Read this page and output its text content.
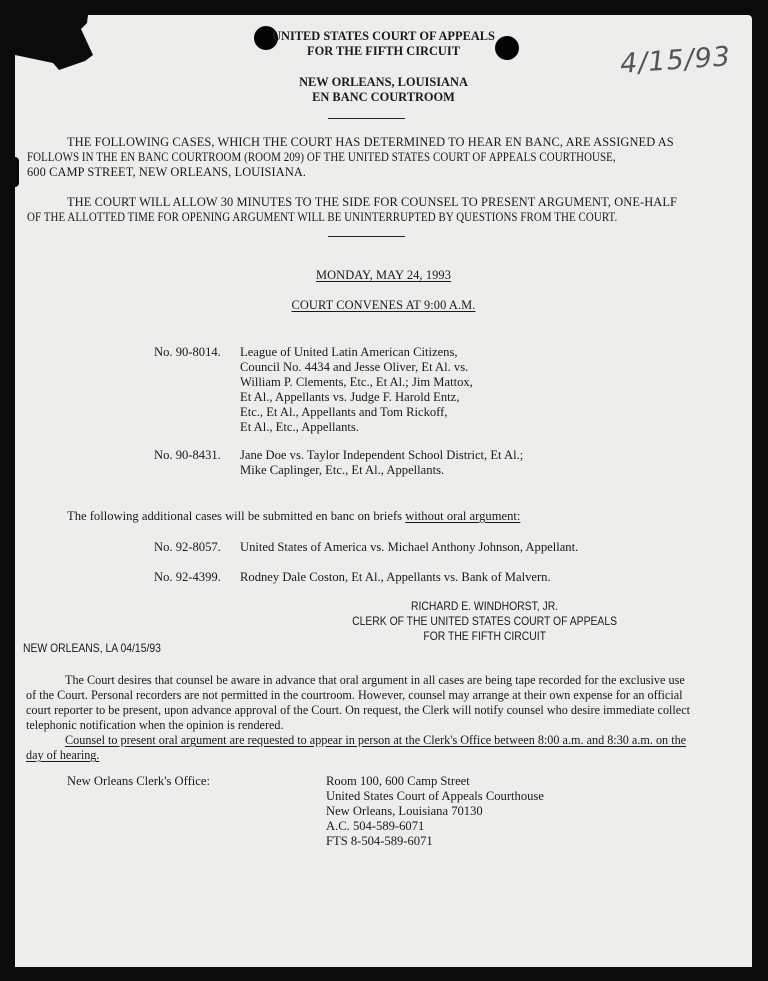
UNITED STATES COURT OF APPEALS
FOR THE FIFTH CIRCUIT
NEW ORLEANS, LOUISIANA
EN BANC COURTROOM
4/15/93
THE FOLLOWING CASES, WHICH THE COURT HAS DETERMINED TO HEAR EN BANC, ARE ASSIGNED AS
FOLLOWS IN THE EN BANC COURTROOM (ROOM 209) OF THE UNITED STATES COURT OF APPEALS COURTHOUSE,
600 CAMP STREET, NEW ORLEANS, LOUISIANA.
THE COURT WILL ALLOW 30 MINUTES TO THE SIDE FOR COUNSEL TO PRESENT ARGUMENT, ONE-HALF
OF THE ALLOTTED TIME FOR OPENING ARGUMENT WILL BE UNINTERRUPTED BY QUESTIONS FROM THE COURT.
MONDAY, MAY 24, 1993
COURT CONVENES AT 9:00 A.M.
No. 90-8014. League of United Latin American Citizens,
Council No. 4434 and Jesse Oliver, Et Al. vs.
William P. Clements, Etc., Et Al.; Jim Mattox,
Et Al., Appellants vs. Judge F. Harold Entz,
Etc., Et Al., Appellants and Tom Rickoff,
Et Al., Etc., Appellants.
No. 90-8431. Jane Doe vs. Taylor Independent School District, Et Al.;
Mike Caplinger, Etc., Et Al., Appellants.
The following additional cases will be submitted en banc on briefs without oral argument:
No. 92-8057. United States of America vs. Michael Anthony Johnson, Appellant.
No. 92-4399. Rodney Dale Coston, Et Al., Appellants vs. Bank of Malvern.
RICHARD E. WINDHORST, JR.
CLERK OF THE UNITED STATES COURT OF APPEALS
FOR THE FIFTH CIRCUIT
NEW ORLEANS, LA 04/15/93
The Court desires that counsel be aware in advance that oral argument in all cases are being tape recorded for the exclusive use
of the Court. Personal recorders are not permitted in the courtroom. However, counsel may arrange at their own expense for an official
court reporter to be present, upon advance approval of the Court. On request, the Clerk will notify counsel who desire immediate collect
telephonic notification when the opinion is rendered.
Counsel to present oral argument are requested to appear in person at the Clerk's Office between 8:00 a.m. and 8:30 a.m. on the
day of hearing.
New Orleans Clerk's Office:	Room 100, 600 Camp Street
United States Court of Appeals Courthouse
New Orleans, Louisiana 70130
A.C. 504-589-6071
FTS 8-504-589-6071
